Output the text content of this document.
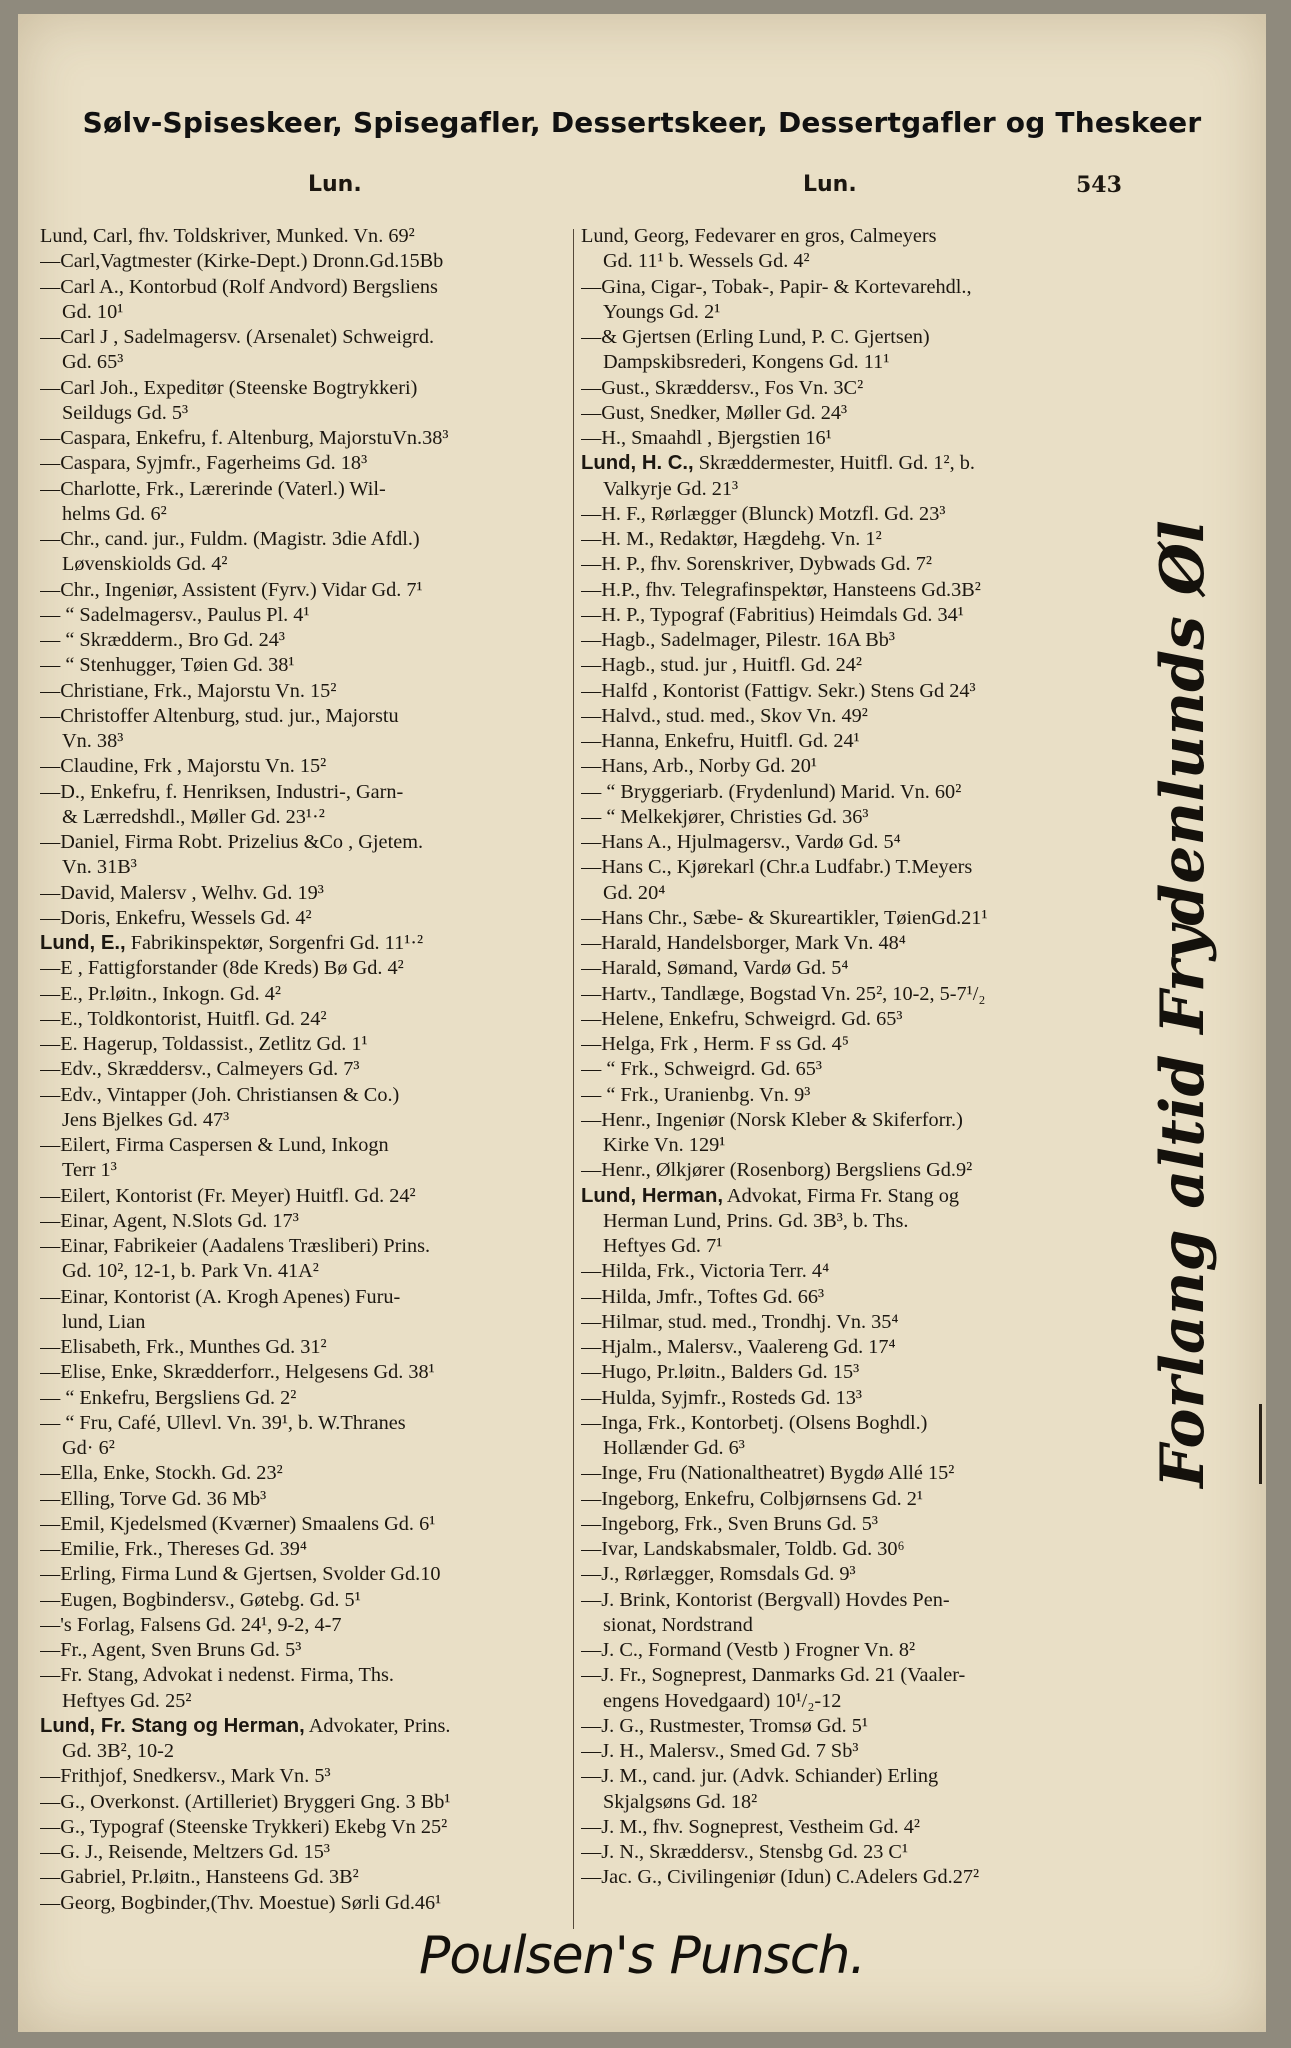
Sølv-Spiseskeer, Spisegafler, Dessertskeer, Dessertgafler og Theskeer
Lun.	Lun.	543
Lund, Carl, fhv. Toldskriver, Munked. Vn. 69²
—Carl,Vagtmester (Kirke-Dept.) Dronn.Gd.15Bb
—Carl A., Kontorbud (Rolf Andvord) Bergsliens
Gd. 10¹
—Carl J , Sadelmagersv. (Arsenalet) Schweigrd.
Gd. 65³
—Carl Joh., Expeditør (Steenske Bogtrykkeri)
Seildugs Gd. 5³
—Caspara, Enkefru, f. Altenburg, MajorstuVn.38³
—Caspara, Syjmfr., Fagerheims Gd. 18³
—Charlotte, Frk., Lærerinde (Vaterl.) Wil-
helms Gd. 6²
—Chr., cand. jur., Fuldm. (Magistr. 3die Afdl.)
Løvenskiolds Gd. 4²
—Chr., Ingeniør, Assistent (Fyrv.) Vidar Gd. 7¹
— “ Sadelmagersv., Paulus Pl. 4¹
— “ Skrædderm., Bro Gd. 24³
— “ Stenhugger, Tøien Gd. 38¹
—Christiane, Frk., Majorstu Vn. 15²
—Christoffer Altenburg, stud. jur., Majorstu
Vn. 38³
—Claudine, Frk , Majorstu Vn. 15²
—D., Enkefru, f. Henriksen, Industri-, Garn-
& Lærredshdl., Møller Gd. 23¹·²
—Daniel, Firma Robt. Prizelius &Co , Gjetem.
Vn. 31B³
—David, Malersv , Welhv. Gd. 19³
—Doris, Enkefru, Wessels Gd. 4²
Lund, E., Fabrikinspektør, Sorgenfri Gd. 11¹·²
—E , Fattigforstander (8de Kreds) Bø Gd. 4²
—E., Pr.løitn., Inkogn. Gd. 4²
—E., Toldkontorist, Huitfl. Gd. 24²
—E. Hagerup, Toldassist., Zetlitz Gd. 1¹
—Edv., Skræddersv., Calmeyers Gd. 7³
—Edv., Vintapper (Joh. Christiansen & Co.)
Jens Bjelkes Gd. 47³
—Eilert, Firma Caspersen & Lund, Inkogn
Terr 1³
—Eilert, Kontorist (Fr. Meyer) Huitfl. Gd. 24²
—Einar, Agent, N.Slots Gd. 17³
—Einar, Fabrikeier (Aadalens Træsliberi) Prins.
Gd. 10², 12-1, b. Park Vn. 41A²
—Einar, Kontorist (A. Krogh Apenes) Furu-
lund, Lian
—Elisabeth, Frk., Munthes Gd. 31²
—Elise, Enke, Skrædderforr., Helgesens Gd. 38¹
— “ Enkefru, Bergsliens Gd. 2²
— “ Fru, Café, Ullevl. Vn. 39¹, b. W.Thranes
Gd· 6²
—Ella, Enke, Stockh. Gd. 23²
—Elling, Torve Gd. 36 Mb³
—Emil, Kjedelsmed (Kværner) Smaalens Gd. 6¹
—Emilie, Frk., Thereses Gd. 39⁴
—Erling, Firma Lund & Gjertsen, Svolder Gd.10
—Eugen, Bogbindersv., Gøtebg. Gd. 5¹
—'s Forlag, Falsens Gd. 24¹, 9-2, 4-7
—Fr., Agent, Sven Bruns Gd. 5³
—Fr. Stang, Advokat i nedenst. Firma, Ths.
Heftyes Gd. 25²
Lund, Fr. Stang og Herman, Advokater, Prins.
Gd. 3B², 10-2
—Frithjof, Snedkersv., Mark Vn. 5³
—G., Overkonst. (Artilleriet) Bryggeri Gng. 3 Bb¹
—G., Typograf (Steenske Trykkeri) Ekebg Vn 25²
—G. J., Reisende, Meltzers Gd. 15³
—Gabriel, Pr.løitn., Hansteens Gd. 3B²
—Georg, Bogbinder,(Thv. Moestue) Sørli Gd.46¹
Lund, Georg, Fedevarer en gros, Calmeyers
Gd. 11¹ b. Wessels Gd. 4²
—Gina, Cigar-, Tobak-, Papir- & Kortevarehdl.,
Youngs Gd. 2¹
—& Gjertsen (Erling Lund, P. C. Gjertsen)
Dampskibsrederi, Kongens Gd. 11¹
—Gust., Skræddersv., Fos Vn. 3C²
—Gust, Snedker, Møller Gd. 24³
—H., Smaahdl , Bjergstien 16¹
Lund, H. C., Skræddermester, Huitfl. Gd. 1², b.
Valkyrje Gd. 21³
—H. F., Rørlægger (Blunck) Motzfl. Gd. 23³
—H. M., Redaktør, Hægdehg. Vn. 1²
—H. P., fhv. Sorenskriver, Dybwads Gd. 7²
—H.P., fhv. Telegrafinspektør, Hansteens Gd.3B²
—H. P., Typograf (Fabritius) Heimdals Gd. 34¹
—Hagb., Sadelmager, Pilestr. 16A Bb³
—Hagb., stud. jur , Huitfl. Gd. 24²
—Halfd , Kontorist (Fattigv. Sekr.) Stens Gd 24³
—Halvd., stud. med., Skov Vn. 49²
—Hanna, Enkefru, Huitfl. Gd. 24¹
—Hans, Arb., Norby Gd. 20¹
— “ Bryggeriarb. (Frydenlund) Marid. Vn. 60²
— “ Melkekjører, Christies Gd. 36³
—Hans A., Hjulmagersv., Vardø Gd. 5⁴
—Hans C., Kjørekarl (Chr.a Ludfabr.) T.Meyers
Gd. 20⁴
—Hans Chr., Sæbe- & Skureartikler, TøienGd.21¹
—Harald, Handelsborger, Mark Vn. 48⁴
—Harald, Sømand, Vardø Gd. 5⁴
—Hartv., Tandlæge, Bogstad Vn. 25², 10-2, 5-7¹/₂
—Helene, Enkefru, Schweigrd. Gd. 65³
—Helga, Frk , Herm. F ss Gd. 4⁵
— “ Frk., Schweigrd. Gd. 65³
— “ Frk., Uranienbg. Vn. 9³
—Henr., Ingeniør (Norsk Kleber & Skiferforr.)
Kirke Vn. 129¹
—Henr., Ølkjører (Rosenborg) Bergsliens Gd.9²
Lund, Herman, Advokat, Firma Fr. Stang og
Herman Lund, Prins. Gd. 3B³, b. Ths.
Heftyes Gd. 7¹
—Hilda, Frk., Victoria Terr. 4⁴
—Hilda, Jmfr., Toftes Gd. 66³
—Hilmar, stud. med., Trondhj. Vn. 35⁴
—Hjalm., Malersv., Vaalereng Gd. 17⁴
—Hugo, Pr.løitn., Balders Gd. 15³
—Hulda, Syjmfr., Rosteds Gd. 13³
—Inga, Frk., Kontorbetj. (Olsens Boghdl.)
Hollænder Gd. 6³
—Inge, Fru (Nationaltheatret) Bygdø Allé 15²
—Ingeborg, Enkefru, Colbjørnsens Gd. 2¹
—Ingeborg, Frk., Sven Bruns Gd. 5³
—Ivar, Landskabsmaler, Toldb. Gd. 30⁶
—J., Rørlægger, Romsdals Gd. 9³
—J. Brink, Kontorist (Bergvall) Hovdes Pen-
sionat, Nordstrand
—J. C., Formand (Vestb ) Frogner Vn. 8²
—J. Fr., Sogneprest, Danmarks Gd. 21 (Vaaler-
engens Hovedgaard) 10¹/₂-12
—J. G., Rustmester, Tromsø Gd. 5¹
—J. H., Malersv., Smed Gd. 7 Sb³
—J. M., cand. jur. (Advk. Schiander) Erling
Skjalgsøns Gd. 18²
—J. M., fhv. Sogneprest, Vestheim Gd. 4²
—J. N., Skræddersv., Stensbg Gd. 23 C¹
—Jac. G., Civilingeniør (Idun) C.Adelers Gd.27²
Forlang altid Frydenlunds Øl
Poulsen's Punsch.
